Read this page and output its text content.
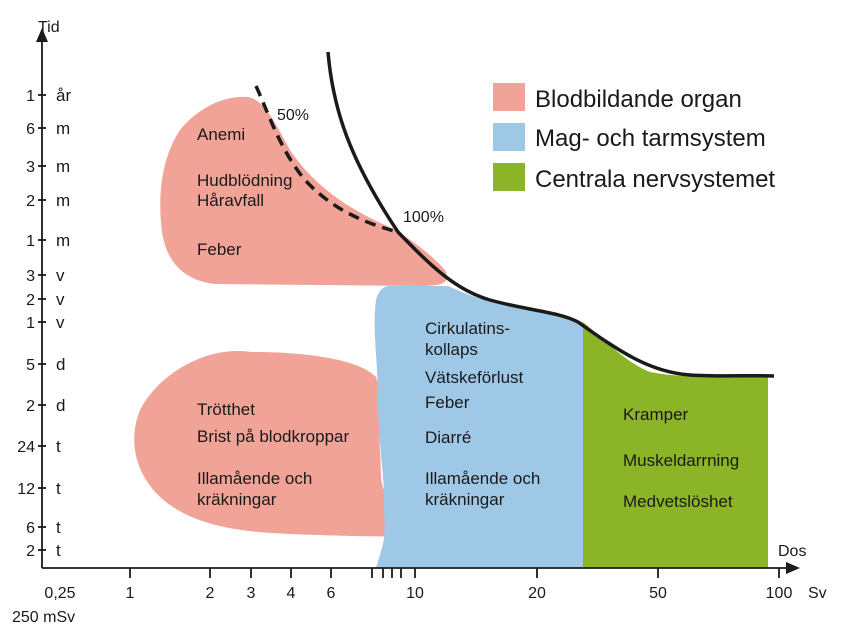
1 år
6 m
3 m
2 m
1 m
3 v
2 v
1 v
5 d
2 d
24 t
12 t
6 t
2 t
0,25	1	2 3 4 6	10	20	50	100
Tid
Dos
Sv
250 mSv
50%
100%
Blodbildande organ
Mag- och tarmsystem
Centrala nervsystemet
Anemi
Hudblödning
Håravfall
Feber
Trötthet
Brist på blodkroppar
Illamående och
kräkningar
Cirkulatins-
kollaps
Vätskeförlust
Feber
Diarré
Illamående och
kräkningar
Kramper
Muskeldarrning
Medvetslöshet
